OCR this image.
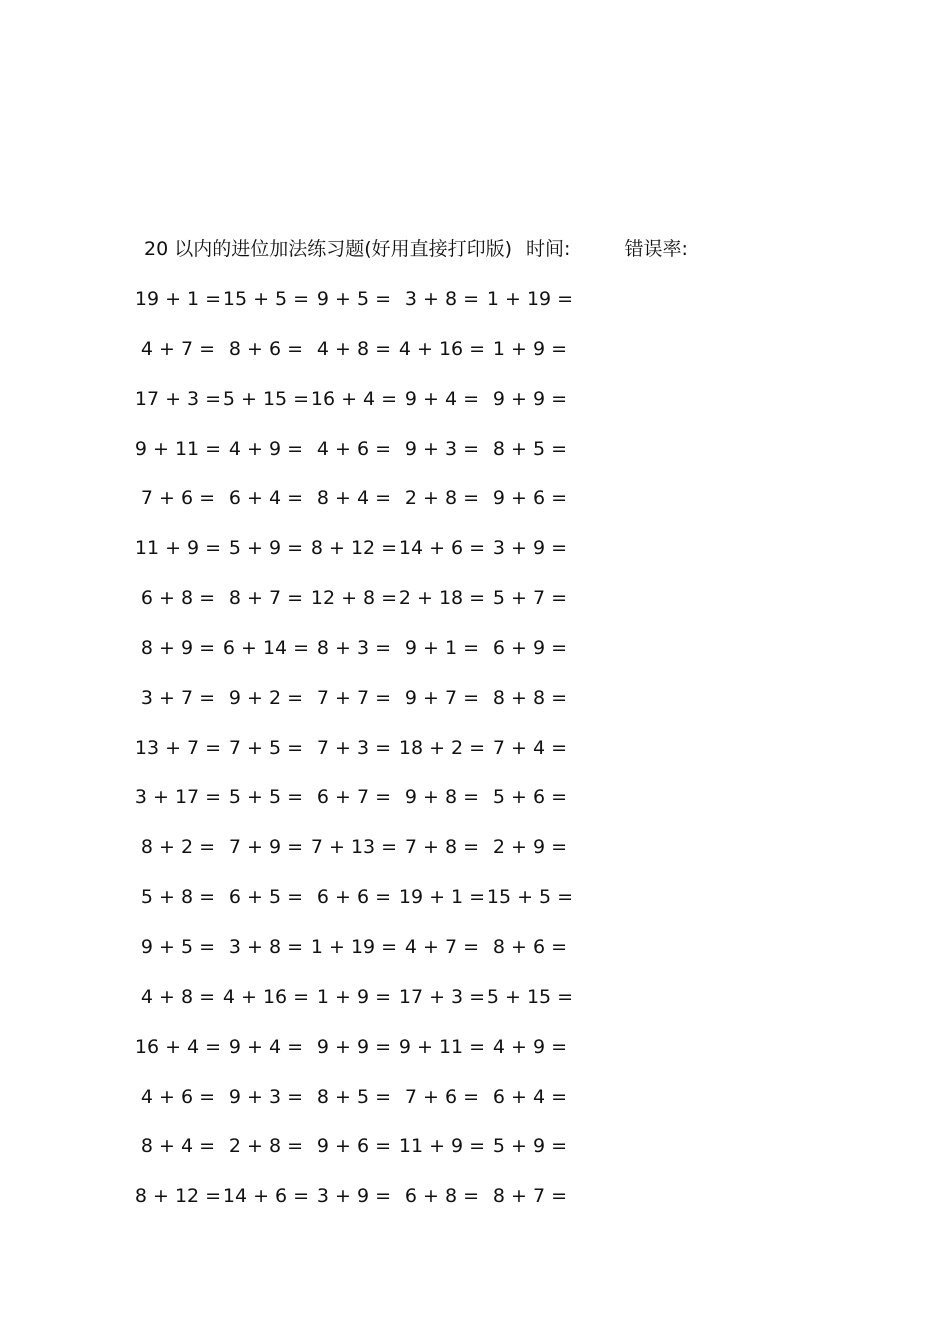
20 以内的进位加法练习题(好用直接打印版) 时间:	错误率:
19 + 1 = 15 + 5 = 9 + 5 = 3 + 8 = 1 + 19 =
4 + 7 = 8 + 6 = 4 + 8 = 4 + 16 = 1 + 9 =
17 + 3 = 5 + 15 = 16 + 4 = 9 + 4 = 9 + 9 =
9 + 11 = 4 + 9 = 4 + 6 = 9 + 3 = 8 + 5 =
7 + 6 = 6 + 4 = 8 + 4 = 2 + 8 = 9 + 6 =
11 + 9 = 5 + 9 = 8 + 12 = 14 + 6 = 3 + 9 =
6 + 8 = 8 + 7 = 12 + 8 = 2 + 18 = 5 + 7 =
8 + 9 = 6 + 14 = 8 + 3 = 9 + 1 = 6 + 9 =
3 + 7 = 9 + 2 = 7 + 7 = 9 + 7 = 8 + 8 =
13 + 7 = 7 + 5 = 7 + 3 = 18 + 2 = 7 + 4 =
3 + 17 = 5 + 5 = 6 + 7 = 9 + 8 = 5 + 6 =
8 + 2 = 7 + 9 = 7 + 13 = 7 + 8 = 2 + 9 =
5 + 8 = 6 + 5 = 6 + 6 = 19 + 1 = 15 + 5 =
9 + 5 = 3 + 8 = 1 + 19 = 4 + 7 = 8 + 6 =
4 + 8 = 4 + 16 = 1 + 9 = 17 + 3 = 5 + 15 =
16 + 4 = 9 + 4 = 9 + 9 = 9 + 11 = 4 + 9 =
4 + 6 = 9 + 3 = 8 + 5 = 7 + 6 = 6 + 4 =
8 + 4 = 2 + 8 = 9 + 6 = 11 + 9 = 5 + 9 =
8 + 12 = 14 + 6 = 3 + 9 = 6 + 8 = 8 + 7 =
